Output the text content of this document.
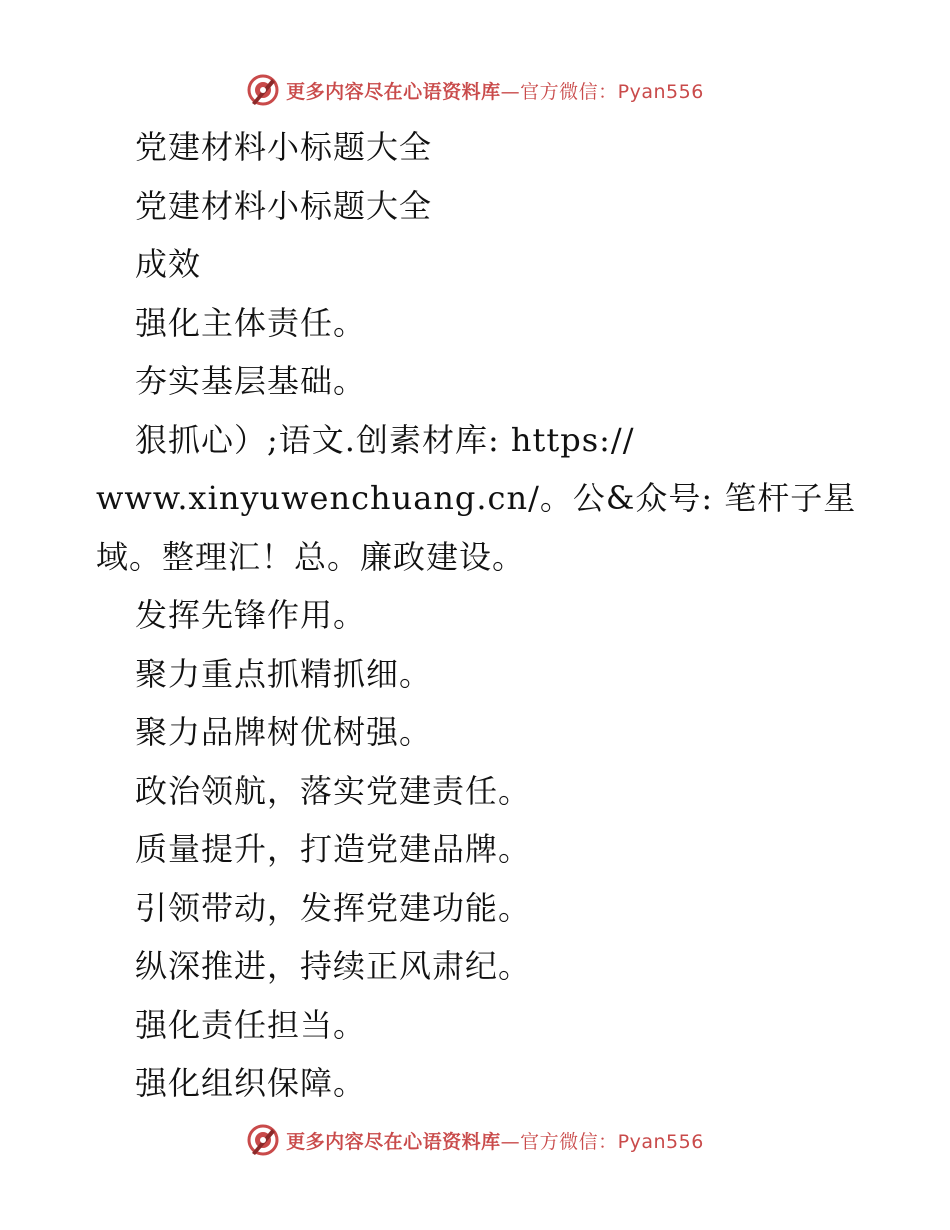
更多内容尽在心语资料库 —官方微信：Pyan556
党建材料小标题大全
党建材料小标题大全
成效
强化主体责任。
夯实基层基础。
狠抓心）;语文.创素材库: https://
www.xinyuwenchuang.cn/。公&众号: 笔杆子星
域。整理汇！总。廉政建设。
发挥先锋作用。
聚力重点抓精抓细。
聚力品牌树优树强。
政治领航，落实党建责任。
质量提升，打造党建品牌。
引领带动，发挥党建功能。
纵深推进，持续正风肃纪。
强化责任担当。
强化组织保障。
更多内容尽在心语资料库 —官方微信：Pyan556
